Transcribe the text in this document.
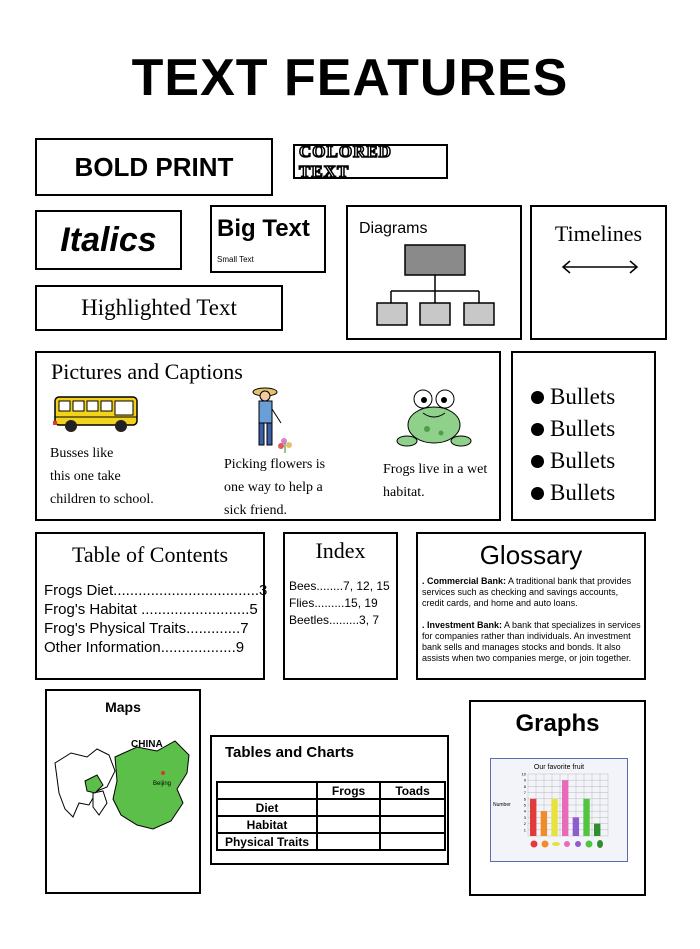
TEXT FEATURES
BOLD PRINT
COLORED TEXT
Italics	Big Text
Small Text
Highlighted Text
Diagrams	Timelines
Pictures and Captions
Busses like
this one take
children to school.
Picking flowers is
one way to help a
sick friend.
Frogs live in a wet
habitat.
Bullets
Bullets
Bullets
Bullets
Table of Contents
Frogs Diet...................................3
Frog's Habitat ..........................5
Frog's Physical Traits.............7
Other Information..................9
Index
Bees........7, 12, 15
Flies.........15, 19
Beetles.........3, 7
Glossary
. Commercial Bank: A traditional bank that provides services such as checking and savings accounts, credit cards, and home and auto loans.
. Investment Bank: A bank that specializes in services for companies rather than individuals. An investment bank sells and manages stocks and bonds. It also assists when two companies merge, or join together.
Maps
CHINA
Beijing
Tables and Charts
	Frogs	Toads
Diet		
Habitat		
Physical Traits		
Graphs
Our favorite fruit
Number
1
2
3
4
5
6
7
8
9
10
